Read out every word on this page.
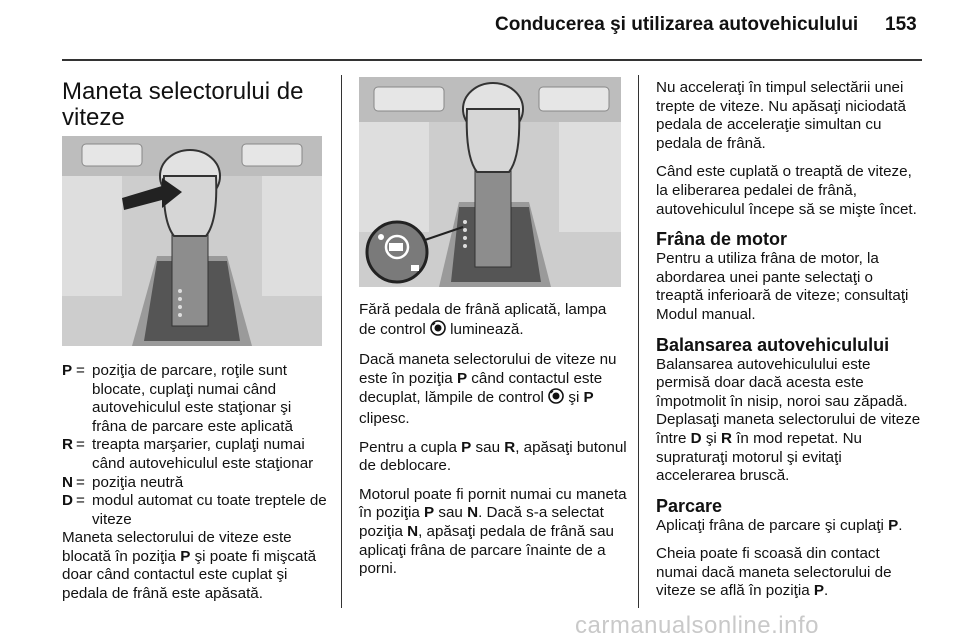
Conducerea şi utilizarea autovehiculului 153
Maneta selectorului de viteze
P = poziţia de parcare, roţile sunt blocate, cuplaţi numai când autovehiculul este staţionar şi frâna de parcare este aplicată
R = treapta marşarier, cuplaţi numai când autovehiculul este staţionar
N = poziţia neutră
D = modul automat cu toate treptele de viteze

Maneta selectorului de viteze este blocată în poziţia P şi poate fi mişcată doar când contactul este cuplat şi pedala de frână este apăsată.

Fără pedala de frână aplicată, lampa de control  luminează.

Dacă maneta selectorului de viteze nu este în poziţia P când contactul este decuplat, lămpile de control  şi P clipesc.

Pentru a cupla P sau R, apăsaţi butonul de deblocare.

Motorul poate fi pornit numai cu maneta în poziţia P sau N. Dacă s-a selectat poziţia N, apăsaţi pedala de frână sau aplicaţi frâna de parcare înainte de a porni.

Nu acceleraţi în timpul selectării unei trepte de viteze. Nu apăsaţi niciodată pedala de acceleraţie simultan cu pedala de frână.

Când este cuplată o treaptă de viteze, la eliberarea pedalei de frână, autovehiculul începe să se mişte încet.

Frâna de motor

Pentru a utiliza frâna de motor, la abordarea unei pante selectaţi o treaptă inferioară de viteze; consultaţi Modul manual.

Balansarea autovehiculului

Balansarea autovehiculului este permisă doar dacă acesta este împotmolit în nisip, noroi sau zăpadă. Deplasaţi maneta selectorului de viteze între D şi R în mod repetat. Nu supraturaţi motorul şi evitaţi accelerarea bruscă.

Parcare

Aplicaţi frâna de parcare şi cuplaţi P.

Cheia poate fi scoasă din contact numai dacă maneta selectorului de viteze se află în poziţia P.

carmanualsonline.info
